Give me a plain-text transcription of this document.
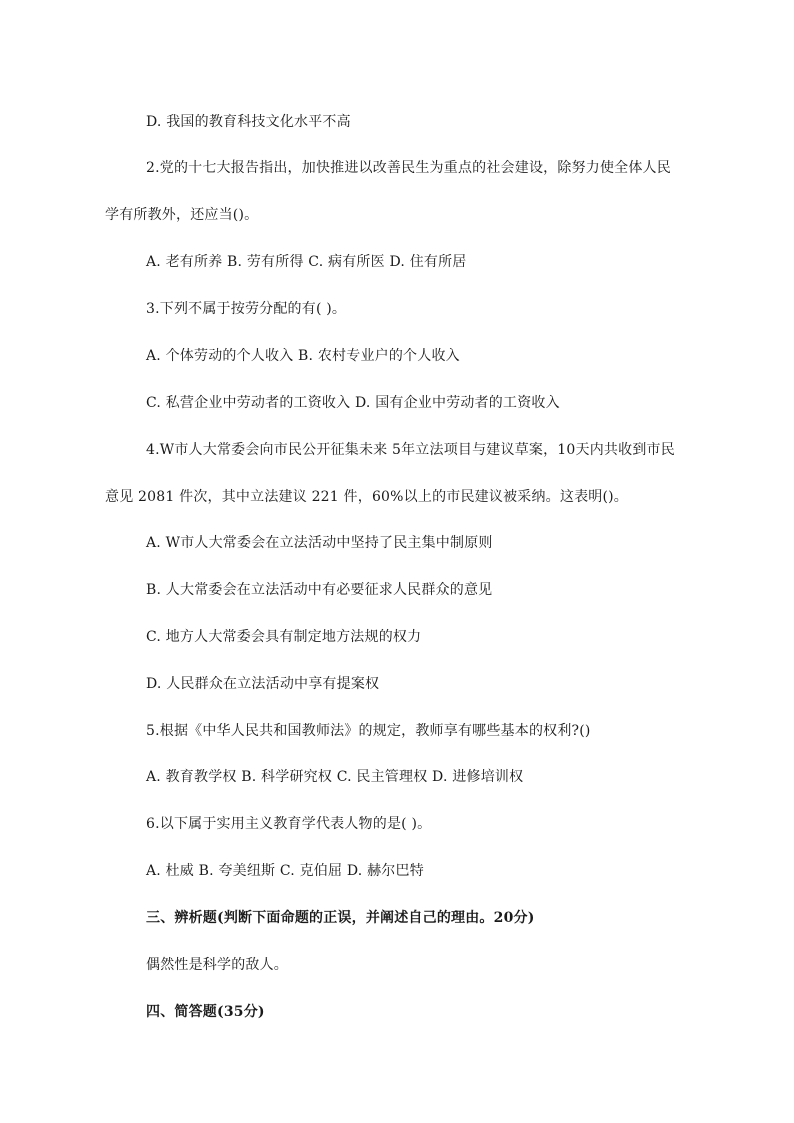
D. 我国的教育科技文化水平不高
2.党的十七大报告指出，加快推进以改善民生为重点的社会建设，除努力使全体人民
学有所教外，还应当()。
A. 老有所养 B. 劳有所得 C. 病有所医 D. 住有所居
3.下列不属于按劳分配的有( )。
A. 个体劳动的个人收入 B. 农村专业户的个人收入
C. 私营企业中劳动者的工资收入 D. 国有企业中劳动者的工资收入
4.W市人大常委会向市民公开征集未来 5年立法项目与建议草案，10天内共收到市民
意见 2081 件次，其中立法建议 221 件，60%以上的市民建议被采纳。这表明()。
A. W市人大常委会在立法活动中坚持了民主集中制原则
B. 人大常委会在立法活动中有必要征求人民群众的意见
C. 地方人大常委会具有制定地方法规的权力
D. 人民群众在立法活动中享有提案权
5.根据《中华人民共和国教师法》的规定，教师享有哪些基本的权利?()
A. 教育教学权 B. 科学研究权 C. 民主管理权 D. 进修培训权
6.以下属于实用主义教育学代表人物的是( )。
A. 杜威 B. 夸美纽斯 C. 克伯屈 D. 赫尔巴特
三、辨析题(判断下面命题的正误，并阐述自己的理由。20分)
偶然性是科学的敌人。
四、简答题(35分)
